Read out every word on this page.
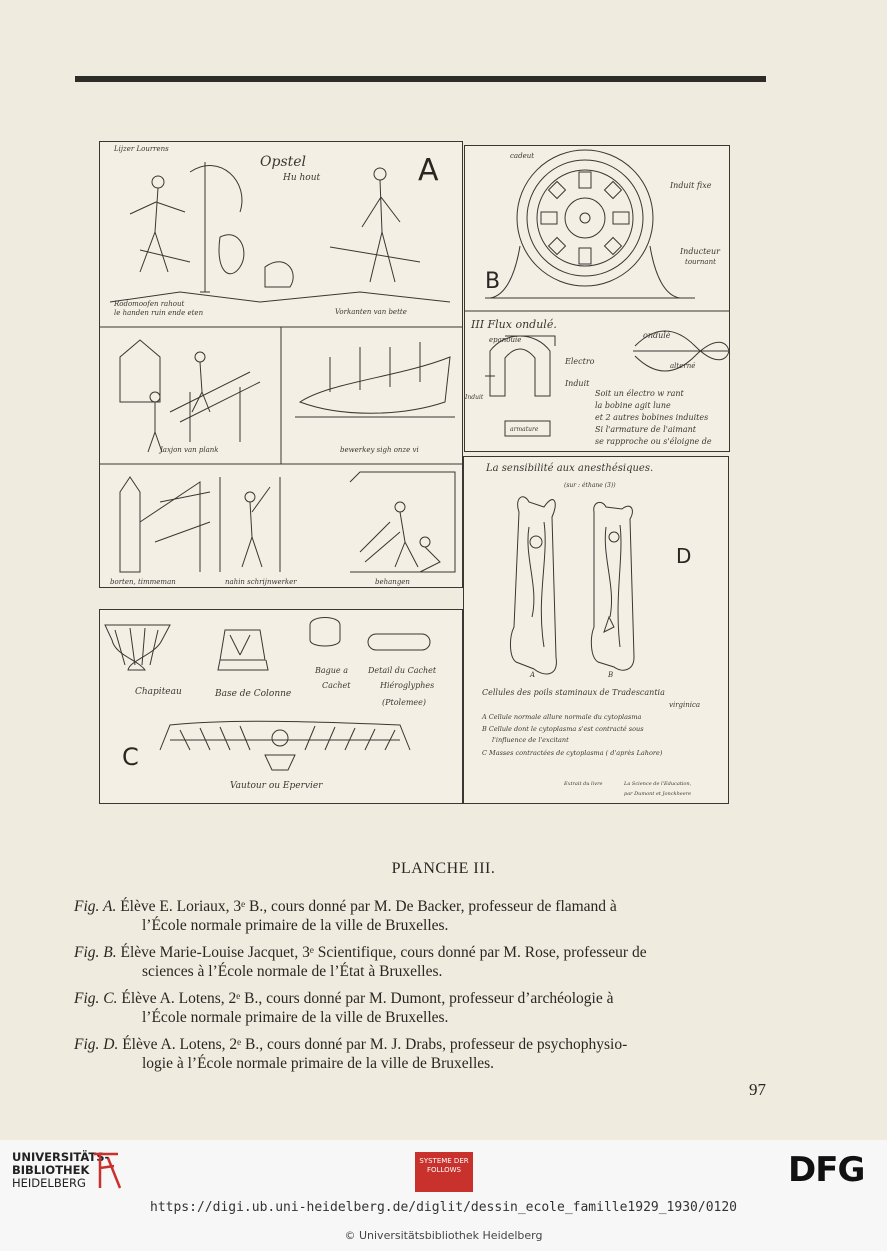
Opstel
Hu hout
Lijzer Lourrens
A
Rodomoofen rahout
le handen ruin ende eten	Vorkanten van bette
Jaxjon van plank	bewerkey sigh onze vi
borten, timmeman	nahin schrijnwerker	behangen
B
cadeut
Induit fixe
Inducteur
tournant
III Flux ondulé.
epanouie	ondulé
alterné
Electro
Induit
Induit
armature
Soit un électro w rant
la bobine agit lune
et 2 autres bobines induites
Si l'armature de l'aimant
se rapproche ou s'éloigne de
C
Chapiteau	Base de Colonne
Bague a
Cachet
Detail du Cachet
Hiéroglyphes
(Ptolemee)
Vautour ou Epervier
La sensibilité aux anesthésiques.
(sur : éthane (3))
D
A	B
Cellules des poils staminaux de Tradescantia
virginica
A Cellule normale allure normale du cytoplasma
B Cellule dont le cytoplasma s'est contracté sous
l'influence de l'excitant
C Masses contractées de cytoplasma ( d'après Lahore)
Extrait du livre	La Science de l'Education,
par Dumont et Jonckheere
PLANCHE III.
Fig. A. Élève E. Loriaux, 3ᵉ B., cours donné par M. De Backer, professeur de flamand à
l’École normale primaire de la ville de Bruxelles.
Fig. B. Élève Marie-Louise Jacquet, 3ᵉ Scientifique, cours donné par M. Rose, professeur de
sciences à l’École normale de l’État à Bruxelles.
Fig. C. Élève A. Lotens, 2ᵉ B., cours donné par M. Dumont, professeur d’archéologie à
l’École normale primaire de la ville de Bruxelles.
Fig. D. Élève A. Lotens, 2ᵉ B., cours donné par M. J. Drabs, professeur de psychophysio-
logie à l’École normale primaire de la ville de Bruxelles.
97
UNIVERSITÄTS-
BIBLIOTHEK
HEIDELBERG
SYSTEME DER FOLLOWS	DFG
https://digi.ub.uni-heidelberg.de/diglit/dessin_ecole_famille1929_1930/0120
© Universitätsbibliothek Heidelberg
